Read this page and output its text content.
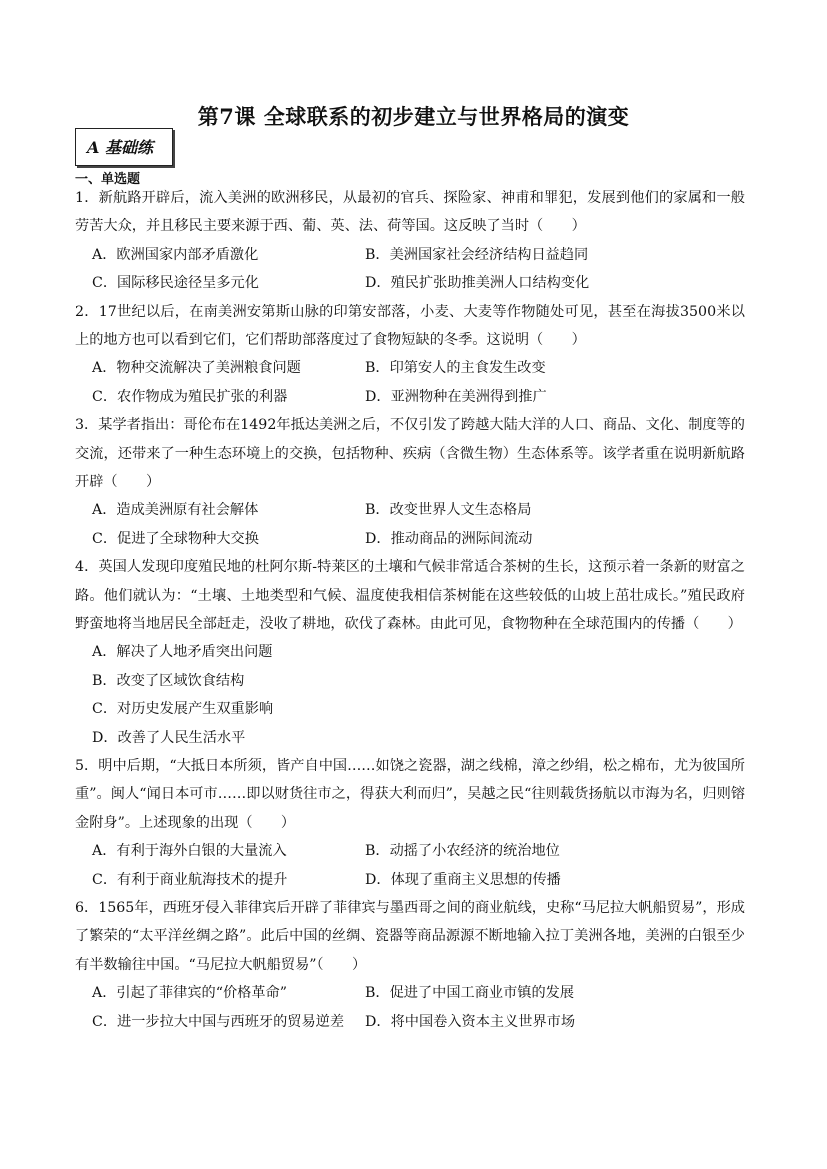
第7课 全球联系的初步建立与世界格局的演变
A 基础练
一、单选题

1．新航路开辟后，流入美洲的欧洲移民，从最初的官兵、探险家、神甫和罪犯，发展到他们的家属和一般劳苦大众，并且移民主要来源于西、葡、英、法、荷等国。这反映了当时（　　）

A．欧洲国家内部矛盾激化	B．美洲国家社会经济结构日益趋同
C．国际移民途径呈多元化	D．殖民扩张助推美洲人口结构变化

2．17世纪以后，在南美洲安第斯山脉的印第安部落，小麦、大麦等作物随处可见，甚至在海拔3500米以上的地方也可以看到它们，它们帮助部落度过了食物短缺的冬季。这说明（　　）

A．物种交流解决了美洲粮食问题	B．印第安人的主食发生改变
C．农作物成为殖民扩张的利器	D．亚洲物种在美洲得到推广

3．某学者指出：哥伦布在1492年抵达美洲之后，不仅引发了跨越大陆大洋的人口、商品、文化、制度等的交流，还带来了一种生态环境上的交换，包括物种、疾病（含微生物）生态体系等。该学者重在说明新航路开辟（　　）

A．造成美洲原有社会解体	B．改变世界人文生态格局
C．促进了全球物种大交换	D．推动商品的洲际间流动

4．英国人发现印度殖民地的杜阿尔斯-特莱区的土壤和气候非常适合茶树的生长，这预示着一条新的财富之路。他们就认为：“土壤、土地类型和气候、温度使我相信茶树能在这些较低的山坡上茁壮成长。”殖民政府野蛮地将当地居民全部赶走，没收了耕地，砍伐了森林。由此可见，食物物种在全球范围内的传播（　　）

A．解决了人地矛盾突出问题
B．改变了区域饮食结构
C．对历史发展产生双重影响
D．改善了人民生活水平

5．明中后期，“大抵日本所须，皆产自中国……如饶之瓷器，湖之线棉，漳之纱绢，松之棉布，尤为彼国所重”。闽人“闻日本可市……即以财货往市之，得获大利而归”，吴越之民“往则载货扬航以市海为名，归则镕金附身”。上述现象的出现（　　）

A．有利于海外白银的大量流入	B．动摇了小农经济的统治地位
C．有利于商业航海技术的提升	D．体现了重商主义思想的传播

6．1565年，西班牙侵入菲律宾后开辟了菲律宾与墨西哥之间的商业航线，史称“马尼拉大帆船贸易”，形成了繁荣的“太平洋丝绸之路”。此后中国的丝绸、瓷器等商品源源不断地输入拉丁美洲各地，美洲的白银至少有半数输往中国。“马尼拉大帆船贸易”（　　）

A．引起了菲律宾的“价格革命”	B．促进了中国工商业市镇的发展
C．进一步拉大中国与西班牙的贸易逆差	D．将中国卷入资本主义世界市场
